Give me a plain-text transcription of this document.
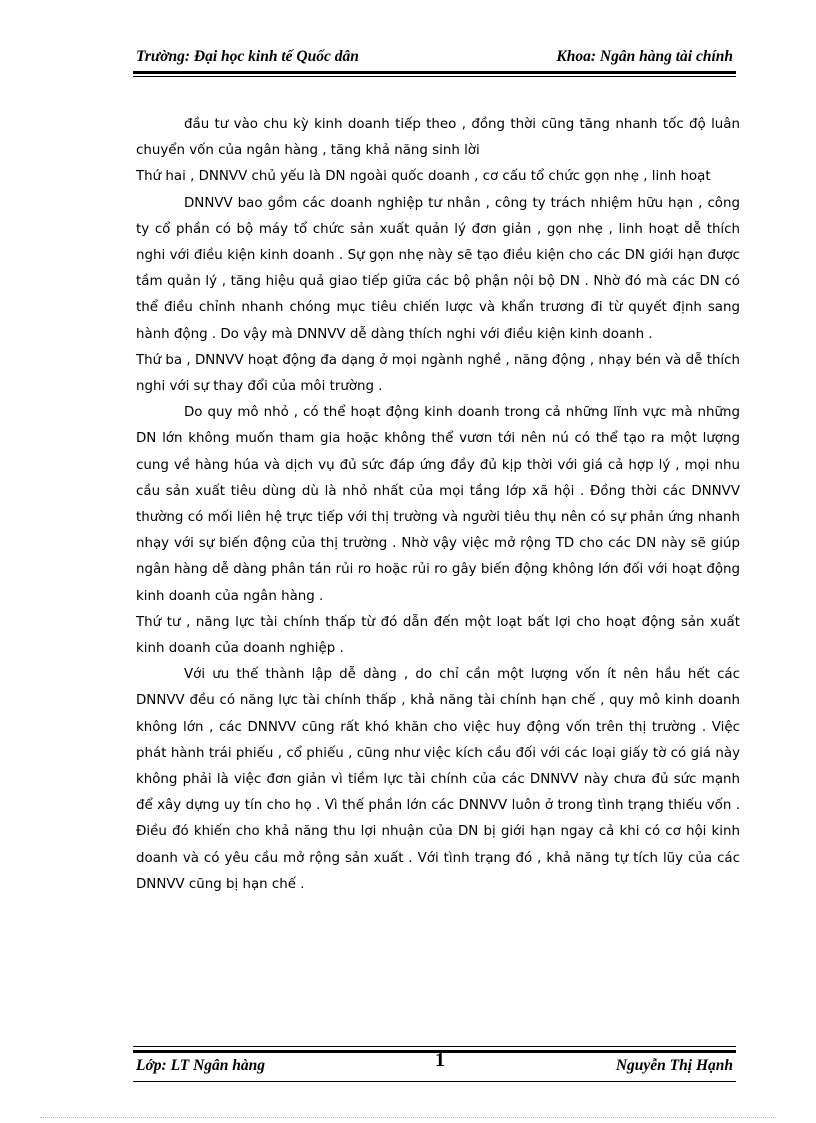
Trường: Đại học kinh tế Quốc dân	Khoa: Ngân hàng tài chính

đầu tư vào chu kỳ kinh doanh tiếp theo , đồng thời cũng tăng nhanh tốc độ luân chuyển vốn của ngân hàng , tăng khả năng sinh lời

Thứ hai , DNNVV chủ yếu là DN ngoài quốc doanh , cơ cấu tổ chức gọn nhẹ , linh hoạt

DNNVV bao gồm các doanh nghiệp tư nhân , công ty trách nhiệm hữu hạn , công ty cổ phần có bộ máy tổ chức sản xuất quản lý đơn giản , gọn nhẹ , linh hoạt dễ thích nghi với điều kiện kinh doanh . Sự gọn nhẹ này sẽ tạo điều kiện cho các DN giới hạn được tầm quản lý , tăng hiệu quả giao tiếp giữa các bộ phận nội bộ DN . Nhờ đó mà các DN có thể điều chỉnh nhanh chóng mục tiêu chiến lược và khẩn trương đi từ quyết định sang hành động . Do vậy mà DNNVV dễ dàng thích nghi với điều kiện kinh doanh .

Thứ ba , DNNVV hoạt động đa dạng ở mọi ngành nghề , năng động , nhạy bén và dễ thích nghi với sự thay đổi của môi trường .

Do quy mô nhỏ , có thể hoạt động kinh doanh trong cả những lĩnh vực mà những DN lớn không muốn tham gia hoặc không thể vươn tới nên nú có thể tạo ra một lượng cung về hàng húa và dịch vụ đủ sức đáp ứng đầy đủ kịp thời với giá cả hợp lý , mọi nhu cầu sản xuất tiêu dùng dù là nhỏ nhất của mọi tầng lớp xã hội . Đồng thời các DNNVV thường có mối liên hệ trực tiếp với thị trường và người tiêu thụ nên có sự phản ứng nhanh nhạy với sự biến động của thị trường . Nhờ vậy việc mở rộng TD cho các DN này sẽ giúp ngân hàng dễ dàng phân tán rủi ro hoặc rủi ro gây biến động không lớn đối với hoạt động kinh doanh của ngân hàng .

Thứ tư , năng lực tài chính thấp từ đó dẫn đến một loạt bất lợi cho hoạt động sản xuất kinh doanh của doanh nghiệp .

Với ưu thế thành lập dễ dàng , do chỉ cần một lượng vốn ít nên hầu hết các DNNVV đều có năng lực tài chính thấp , khả năng tài chính hạn chế , quy mô kinh doanh không lớn , các DNNVV cũng rất khó khăn cho việc huy động vốn trên thị trường . Việc phát hành trái phiếu , cổ phiếu , cũng như việc kích cầu đối với các loại giấy tờ có giá này không phải là việc đơn giản vì tiềm lực tài chính của các DNNVV này chưa đủ sức mạnh để xây dựng uy tín cho họ . Vì thế phần lớn các DNNVV luôn ở trong tình trạng thiếu vốn . Điều đó khiến cho khả năng thu lợi nhuận của DN bị giới hạn ngay cả khi có cơ hội kinh doanh và có yêu cầu mở rộng sản xuất . Với tình trạng đó , khả năng tự tích lũy của các DNNVV cũng bị hạn chế .

Lớp: LT Ngân hàng	1	Nguyễn Thị Hạnh
